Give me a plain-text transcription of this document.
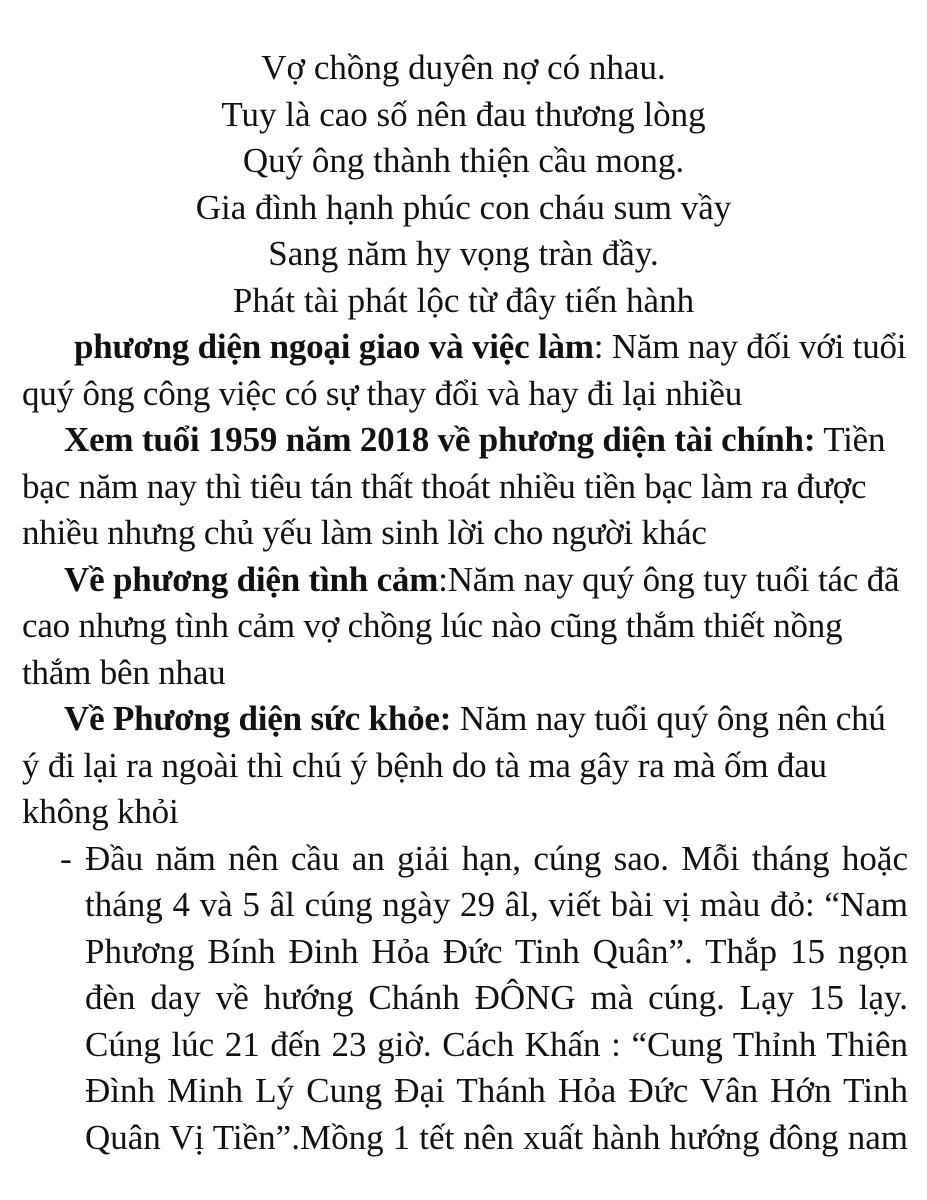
Vợ chồng duyên nợ có nhau.
Tuy là cao số nên đau thương lòng
Quý ông thành thiện cầu mong.
Gia đình hạnh phúc con cháu sum vầy
Sang năm hy vọng tràn đầy.
Phát tài phát lộc từ đây tiến hành

phương diện ngoại giao và việc làm: Năm nay đối với tuổi quý ông công việc có sự thay đổi và hay đi lại nhiều

Xem tuổi 1959 năm 2018 về phương diện tài chính: Tiền bạc năm nay thì tiêu tán thất thoát nhiều tiền bạc làm ra được nhiều nhưng chủ yếu làm sinh lời cho người khác

Về phương diện tình cảm:Năm nay quý ông tuy tuổi tác đã cao nhưng tình cảm vợ chồng lúc nào cũng thắm thiết nồng thắm bên nhau

Về Phương diện sức khỏe: Năm nay tuổi quý ông nên chú ý đi lại ra ngoài thì chú ý bệnh do tà ma gây ra mà ốm đau không khỏi

- Đầu năm nên cầu an giải hạn, cúng sao. Mỗi tháng hoặc tháng 4 và 5 âl cúng ngày 29 âl, viết bài vị màu đỏ: “Nam Phương Bính Đinh Hỏa Đức Tinh Quân”. Thắp 15 ngọn đèn day về hướng Chánh ĐÔNG mà cúng. Lạy 15 lạy. Cúng lúc 21 đến 23 giờ. Cách Khấn : “Cung Thỉnh Thiên Đình Minh Lý Cung Đại Thánh Hỏa Đức Vân Hớn Tinh Quân Vị Tiền”.Mồng 1 tết nên xuất hành hướng đông nam
